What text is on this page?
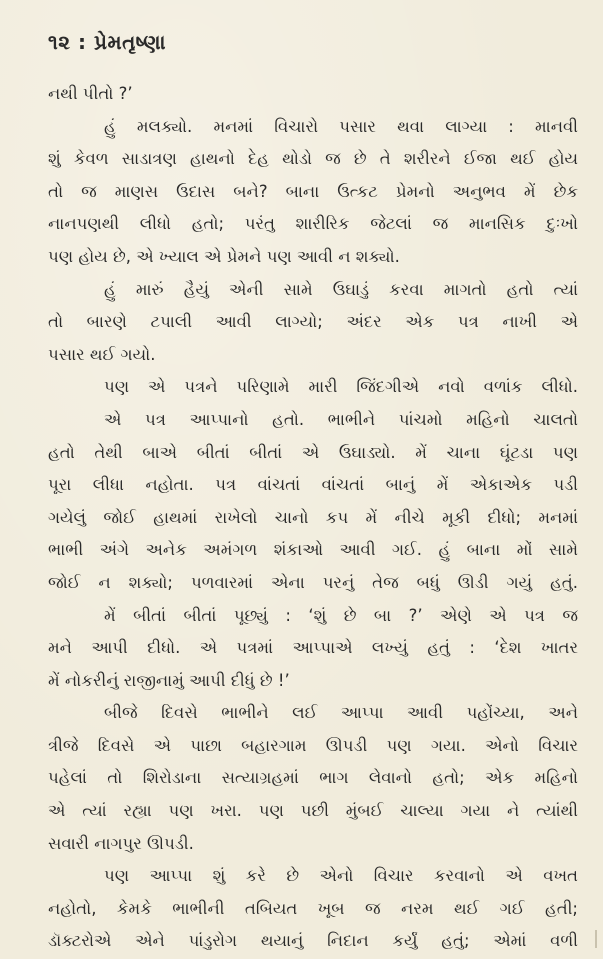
૧૨ : પ્રેમતૃષ્ણા
નથી પીતો ?’
હું મલક્યો. મનમાં વિચારો પસાર થવા લાગ્યા : માનવી
શું કેવળ સાડાત્રણ હાથનો દેહ થોડો જ છે તે શરીરને ઈજા થઈ હોય
તો જ માણસ ઉદાસ બને? બાના ઉત્કટ પ્રેમનો અનુભવ મેં છેક
નાનપણથી લીધો હતો; પરંતુ શારીરિક જેટલાં જ માનસિક દુઃખો
પણ હોય છે, એ ખ્યાલ એ પ્રેમને પણ આવી ન શક્યો.
હું મારું હૈયું એની સામે ઉઘાડું કરવા માગતો હતો ત્યાં
તો બારણે ટપાલી આવી લાગ્યો; અંદર એક પત્ર નાખી એ
પસાર થઈ ગયો.
પણ એ પત્રને પરિણામે મારી જિંદગીએ નવો વળાંક લીધો.
એ પત્ર આપ્પાનો હતો. ભાભીને પાંચમો મહિનો ચાલતો
હતો તેથી બાએ બીતાં બીતાં એ ઉઘાડ્યો. મેં ચાના ઘૂંટડા પણ
પૂરા લીધા નહોતા. પત્ર વાંચતાં વાંચતાં બાનું મેં એકાએક પડી
ગયેલું જોઈ હાથમાં રાખેલો ચાનો કપ મેં નીચે મૂકી દીધો; મનમાં
ભાભી અંગે અનેક અમંગળ શંકાઓ આવી ગઈ. હું બાના મોં સામે
જોઈ ન શક્યો; પળવારમાં એના પરનું તેજ બધું ઊડી ગયું હતું.
મેં બીતાં બીતાં પૂછ્યું : ‘શું છે બા ?’ એણે એ પત્ર જ
મને આપી દીધો. એ પત્રમાં આપ્પાએ લખ્યું હતું : ‘દેશ ખાતર
મેં નોકરીનું રાજીનામું આપી દીધું છે !’
બીજે દિવસે ભાભીને લઈ આપ્પા આવી પહોંચ્યા, અને
ત્રીજે દિવસે એ પાછા બહારગામ ઊપડી પણ ગયા. એનો વિચાર
પહેલાં તો શિરોડાના સત્યાગ્રહમાં ભાગ લેવાનો હતો; એક મહિનો
એ ત્યાં રહ્યા પણ ખરા. પણ પછી મુંબઈ ચાલ્યા ગયા ને ત્યાંથી
સવારી નાગપુર ઊપડી.
પણ આપ્પા શું કરે છે એનો વિચાર કરવાનો એ વખત
નહોતો, કેમકે ભાભીની તબિયત ખૂબ જ નરમ થઈ ગઈ હતી;
ડૉક્ટરોએ એને પાંડુરોગ થયાનું નિદાન કર્યું હતું; એમાં વળી
